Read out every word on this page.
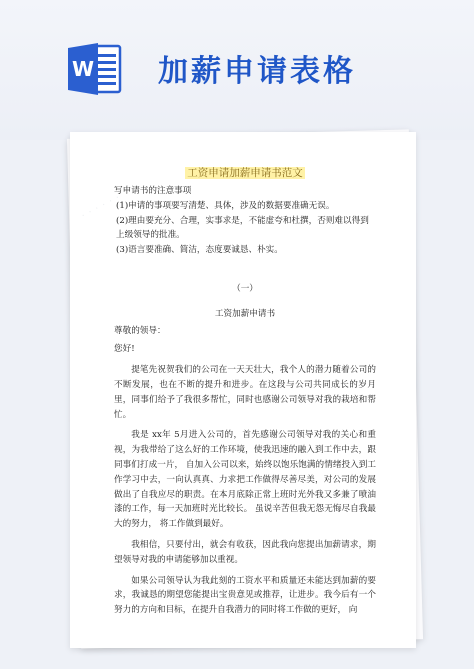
W 加薪申请表格
· · · · · ·
工资申请加薪申请书范文

写申请书的注意事项

(1)申请的事项要写清楚、具体，涉及的数据要准确无误。

(2)理由要充分、合理，实事求是，不能虚夸和杜撰，否则难以得到上级领导的批准。

(3)语言要准确、简洁，态度要诚恳、朴实。

（一）
工资加薪申请书
尊敬的领导：
您好!

提笔先祝贺我们的公司在一天天壮大，我个人的潜力随着公司的不断发展，也在不断的提升和进步。在这段与公司共同成长的岁月里，同事们给予了我很多帮忙，同时也感谢公司领导对我的栽培和帮忙。

我是 xx年 5月进入公司的，首先感谢公司领导对我的关心和重视，为我带给了这么好的工作环境，使我迅速的融入到工作中去，跟同事们打成一片， 自加入公司以来，始终以饱乐饱满的情绪投入到工作学习中去，一向认真真、力求把工作做得尽善尽美，对公司的发展做出了自我应尽的职责。在本月底除正常上班时光外我又多兼了喷油漆的工作，每一天加班时光比较长。 虽说辛苦但我无怨无悔尽自我最大的努力， 将工作做到最好。

我相信，只要付出，就会有收获，因此我向您提出加薪请求，期望领导对我的申请能够加以重视。

如果公司领导认为我此刻的工资水平和质量还未能达到加薪的要求，我诚恳的期望您能提出宝贵意见或推荐，让进步。我今后有一个努力的方向和目标，在提升自我潜力的同时将工作做的更好， 向
